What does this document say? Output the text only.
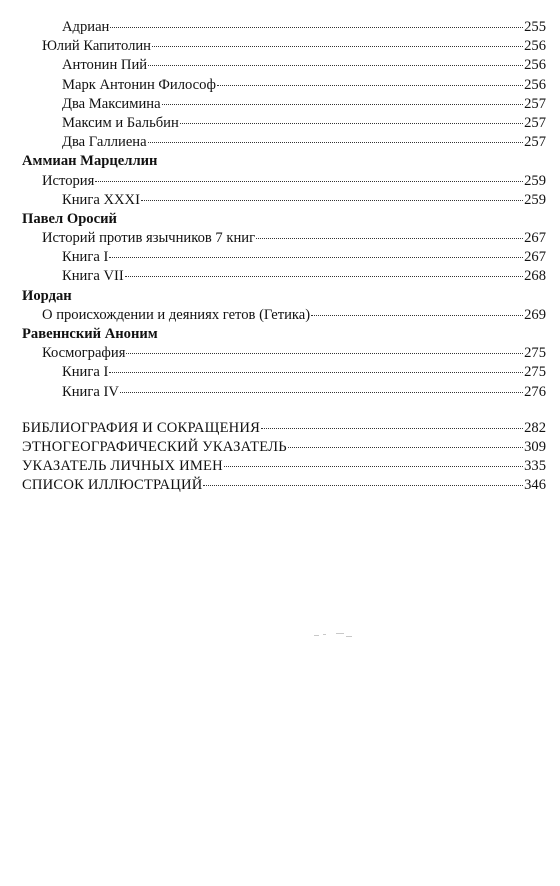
Адриан	255
Юлий Капитолин	256
Антонин Пий	256
Марк Антонин Философ	256
Два Максимина	257
Максим и Бальбин	257
Два Галлиена	257
Аммиан Марцеллин
История	259
Книга XXXI	259
Павел Оросий
Историй против язычников 7 книг	267
Книга I	267
Книга VII	268
Иордан
О происхождении и деяниях гетов (Гетика)	269
Равеннский Аноним
Космография	275
Книга I	275
Книга IV	276
БИБЛИОГРАФИЯ И СОКРАЩЕНИЯ	282
ЭТНОГЕОГРАФИЧЕСКИЙ УКАЗАТЕЛЬ	309
УКАЗАТЕЛЬ ЛИЧНЫХ ИМЕН	335
СПИСОК ИЛЛЮСТРАЦИЙ	346
